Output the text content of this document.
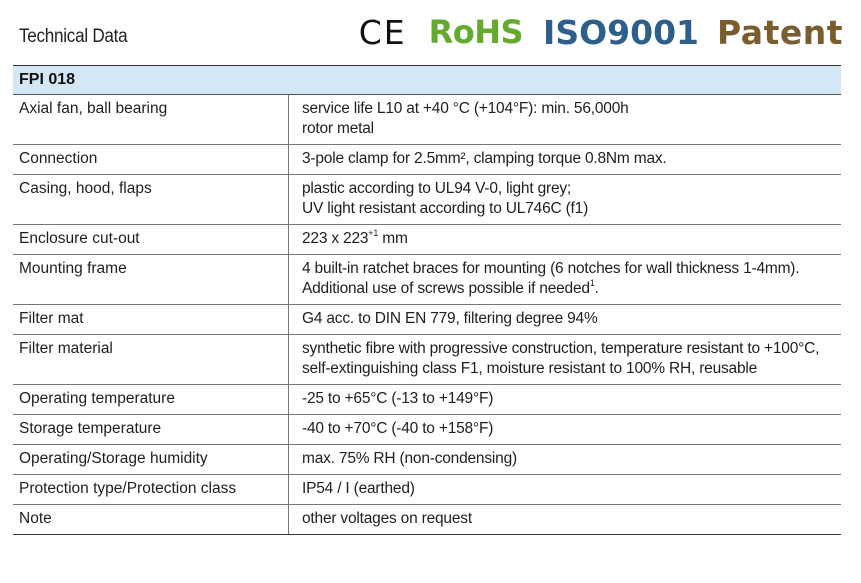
Technical Data	CE RoHS ISO9001 Patent
FPI 018
Axial fan, ball bearing	service life L10 at +40 °C (+104°F): min. 56,000h
rotor metal
Connection	3-pole clamp for 2.5mm², clamping torque 0.8Nm max.
Casing, hood, flaps	plastic according to UL94 V-0, light grey;
UV light resistant according to UL746C (f1)
Enclosure cut-out	223 x $223^{+1}$ mm
Mounting frame	4 built-in ratchet braces for mounting (6 notches for wall thickness 1-4mm).
Additional use of screws possible if needed$^1$.
Filter mat	G4 acc. to DIN EN 779, filtering degree 94%
Filter material	synthetic fibre with progressive construction, temperature resistant to +100°C,
self-extinguishing class F1, moisture resistant to 100% RH, reusable
Operating temperature	-25 to +65°C (-13 to +149°F)
Storage temperature	-40 to +70°C (-40 to +158°F)
Operating/Storage humidity	max. 75% RH (non-condensing)
Protection type/Protection class	IP54 / I (earthed)
Note	other voltages on request
